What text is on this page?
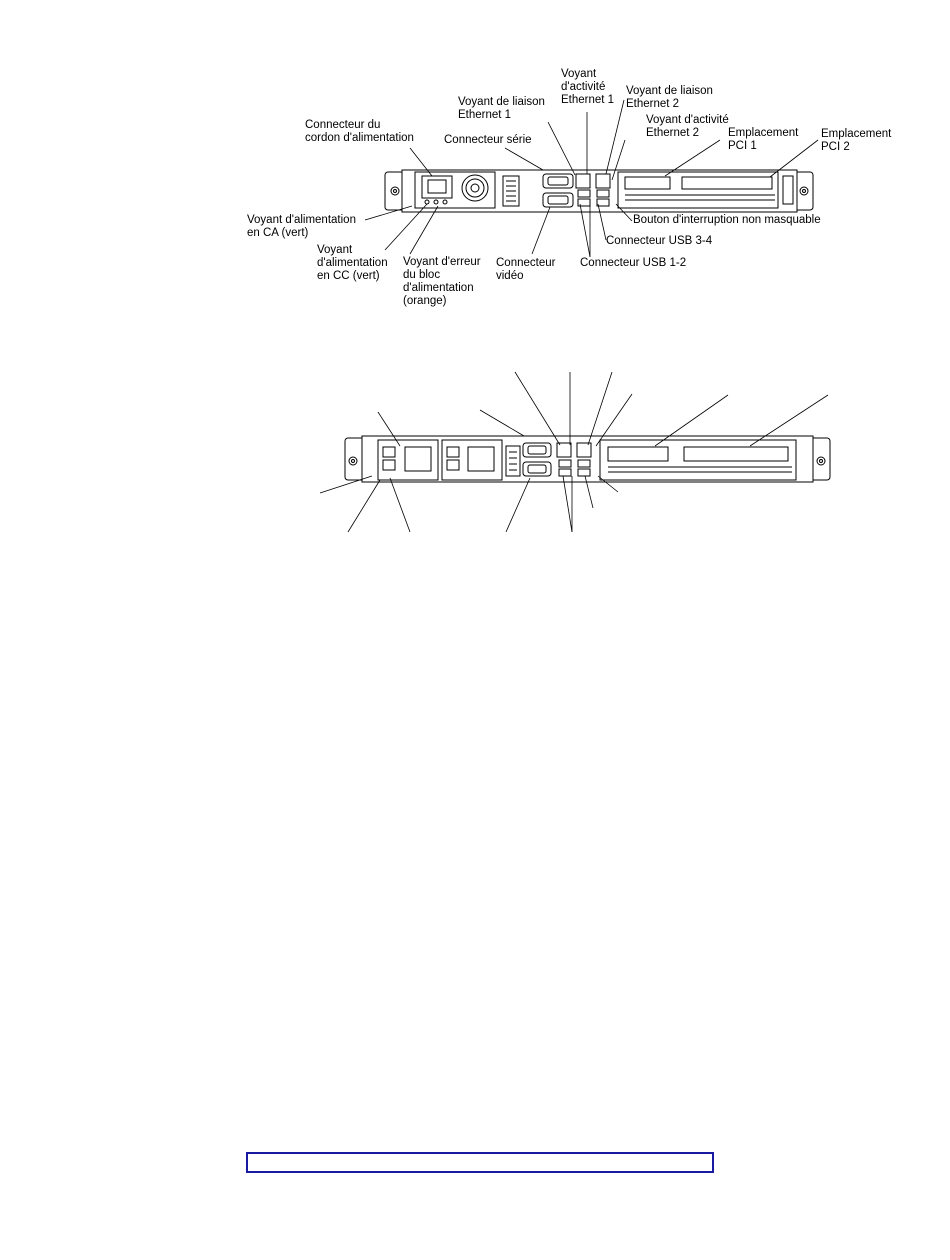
Voyant
d'activité
Ethernet 1
Voyant de liaison
Ethernet 2
Voyant de liaison
Ethernet 1	Voyant d'activité
Ethernet 2
Connecteur du
cordon d'alimentation	Connecteur série
Emplacement
PCI 1
Emplacement
PCI 2
Voyant d'alimentation
en CA (vert)
Voyant
d'alimentation
en CC (vert)
Voyant d'erreur
du bloc
d'alimentation
(orange)
Connecteur
vidéo
Connecteur USB 1-2
Connecteur USB 3-4
Bouton d'interruption non masquable
